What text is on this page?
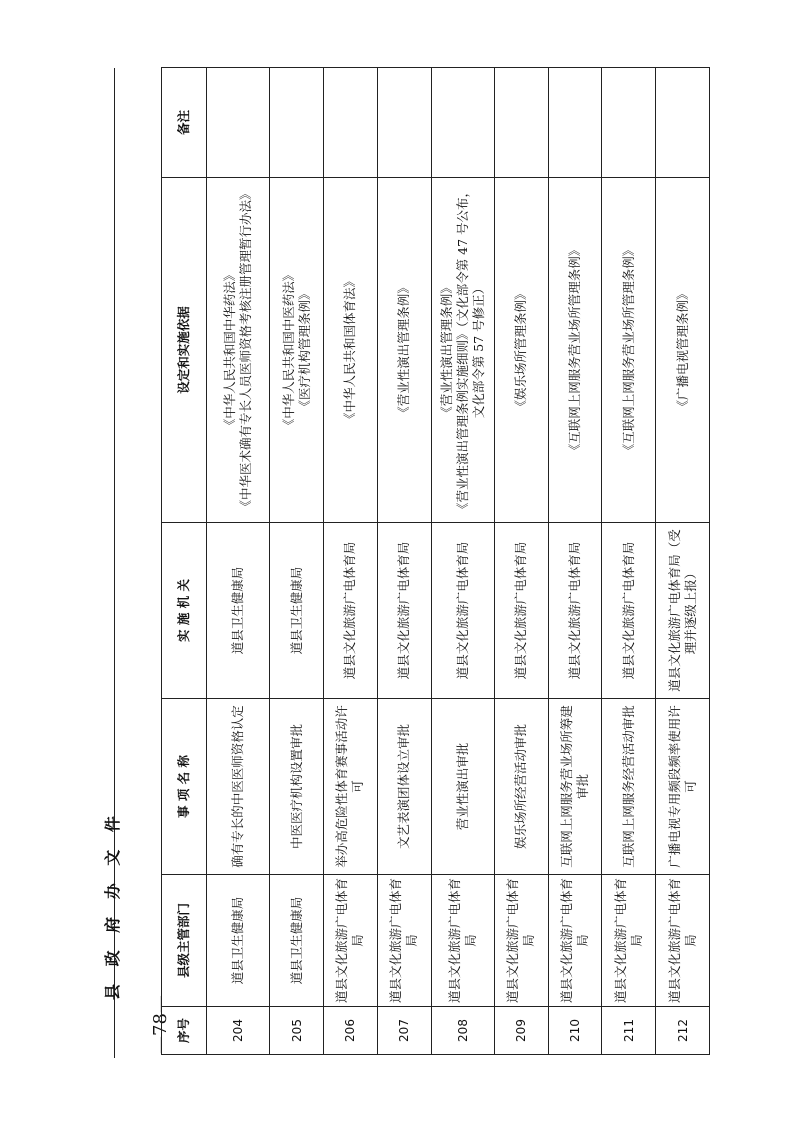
县 政 府 办 文 件
—78— 序号	县级主管部门	事 项 名 称	实 施 机 关	设定和实施依据	备注
204	道县卫生健康局	确有专长的中医医师资格认定	道县卫生健康局	《中华人民共和国中华药法》
《中华医术确有专长人员医师资格考核注册管理暂行办法》	
205	道县卫生健康局	中医医疗机构设置审批	道县卫生健康局	《中华人民共和国中医药法》
《医疗机构管理条例》	
206	道县文化旅游广电体育局	举办高危险性体育赛事活动许可	道县文化旅游广电体育局	《中华人民共和国体育法》	
207	道县文化旅游广电体育局	文艺表演团体设立审批	道县文化旅游广电体育局	《营业性演出管理条例》	
208	道县文化旅游广电体育局	营业性演出审批	道县文化旅游广电体育局	《营业性演出管理条例》
《营业性演出管理条例实施细则》（文化部令第 47 号公布，文化部令第 57 号修正）	
209	道县文化旅游广电体育局	娱乐场所经营活动审批	道县文化旅游广电体育局	《娱乐场所管理条例》	
210	道县文化旅游广电体育局	互联网上网服务营业场所筹建审批	道县文化旅游广电体育局	《互联网上网服务营业场所管理条例》	
211	道县文化旅游广电体育局	互联网上网服务经营活动审批	道县文化旅游广电体育局	《互联网上网服务营业场所管理条例》	
212	道县文化旅游广电体育局	广播电视专用频段频率使用许可	道县文化旅游广电体育局（受理并逐级上报）	《广播电视管理条例》	
